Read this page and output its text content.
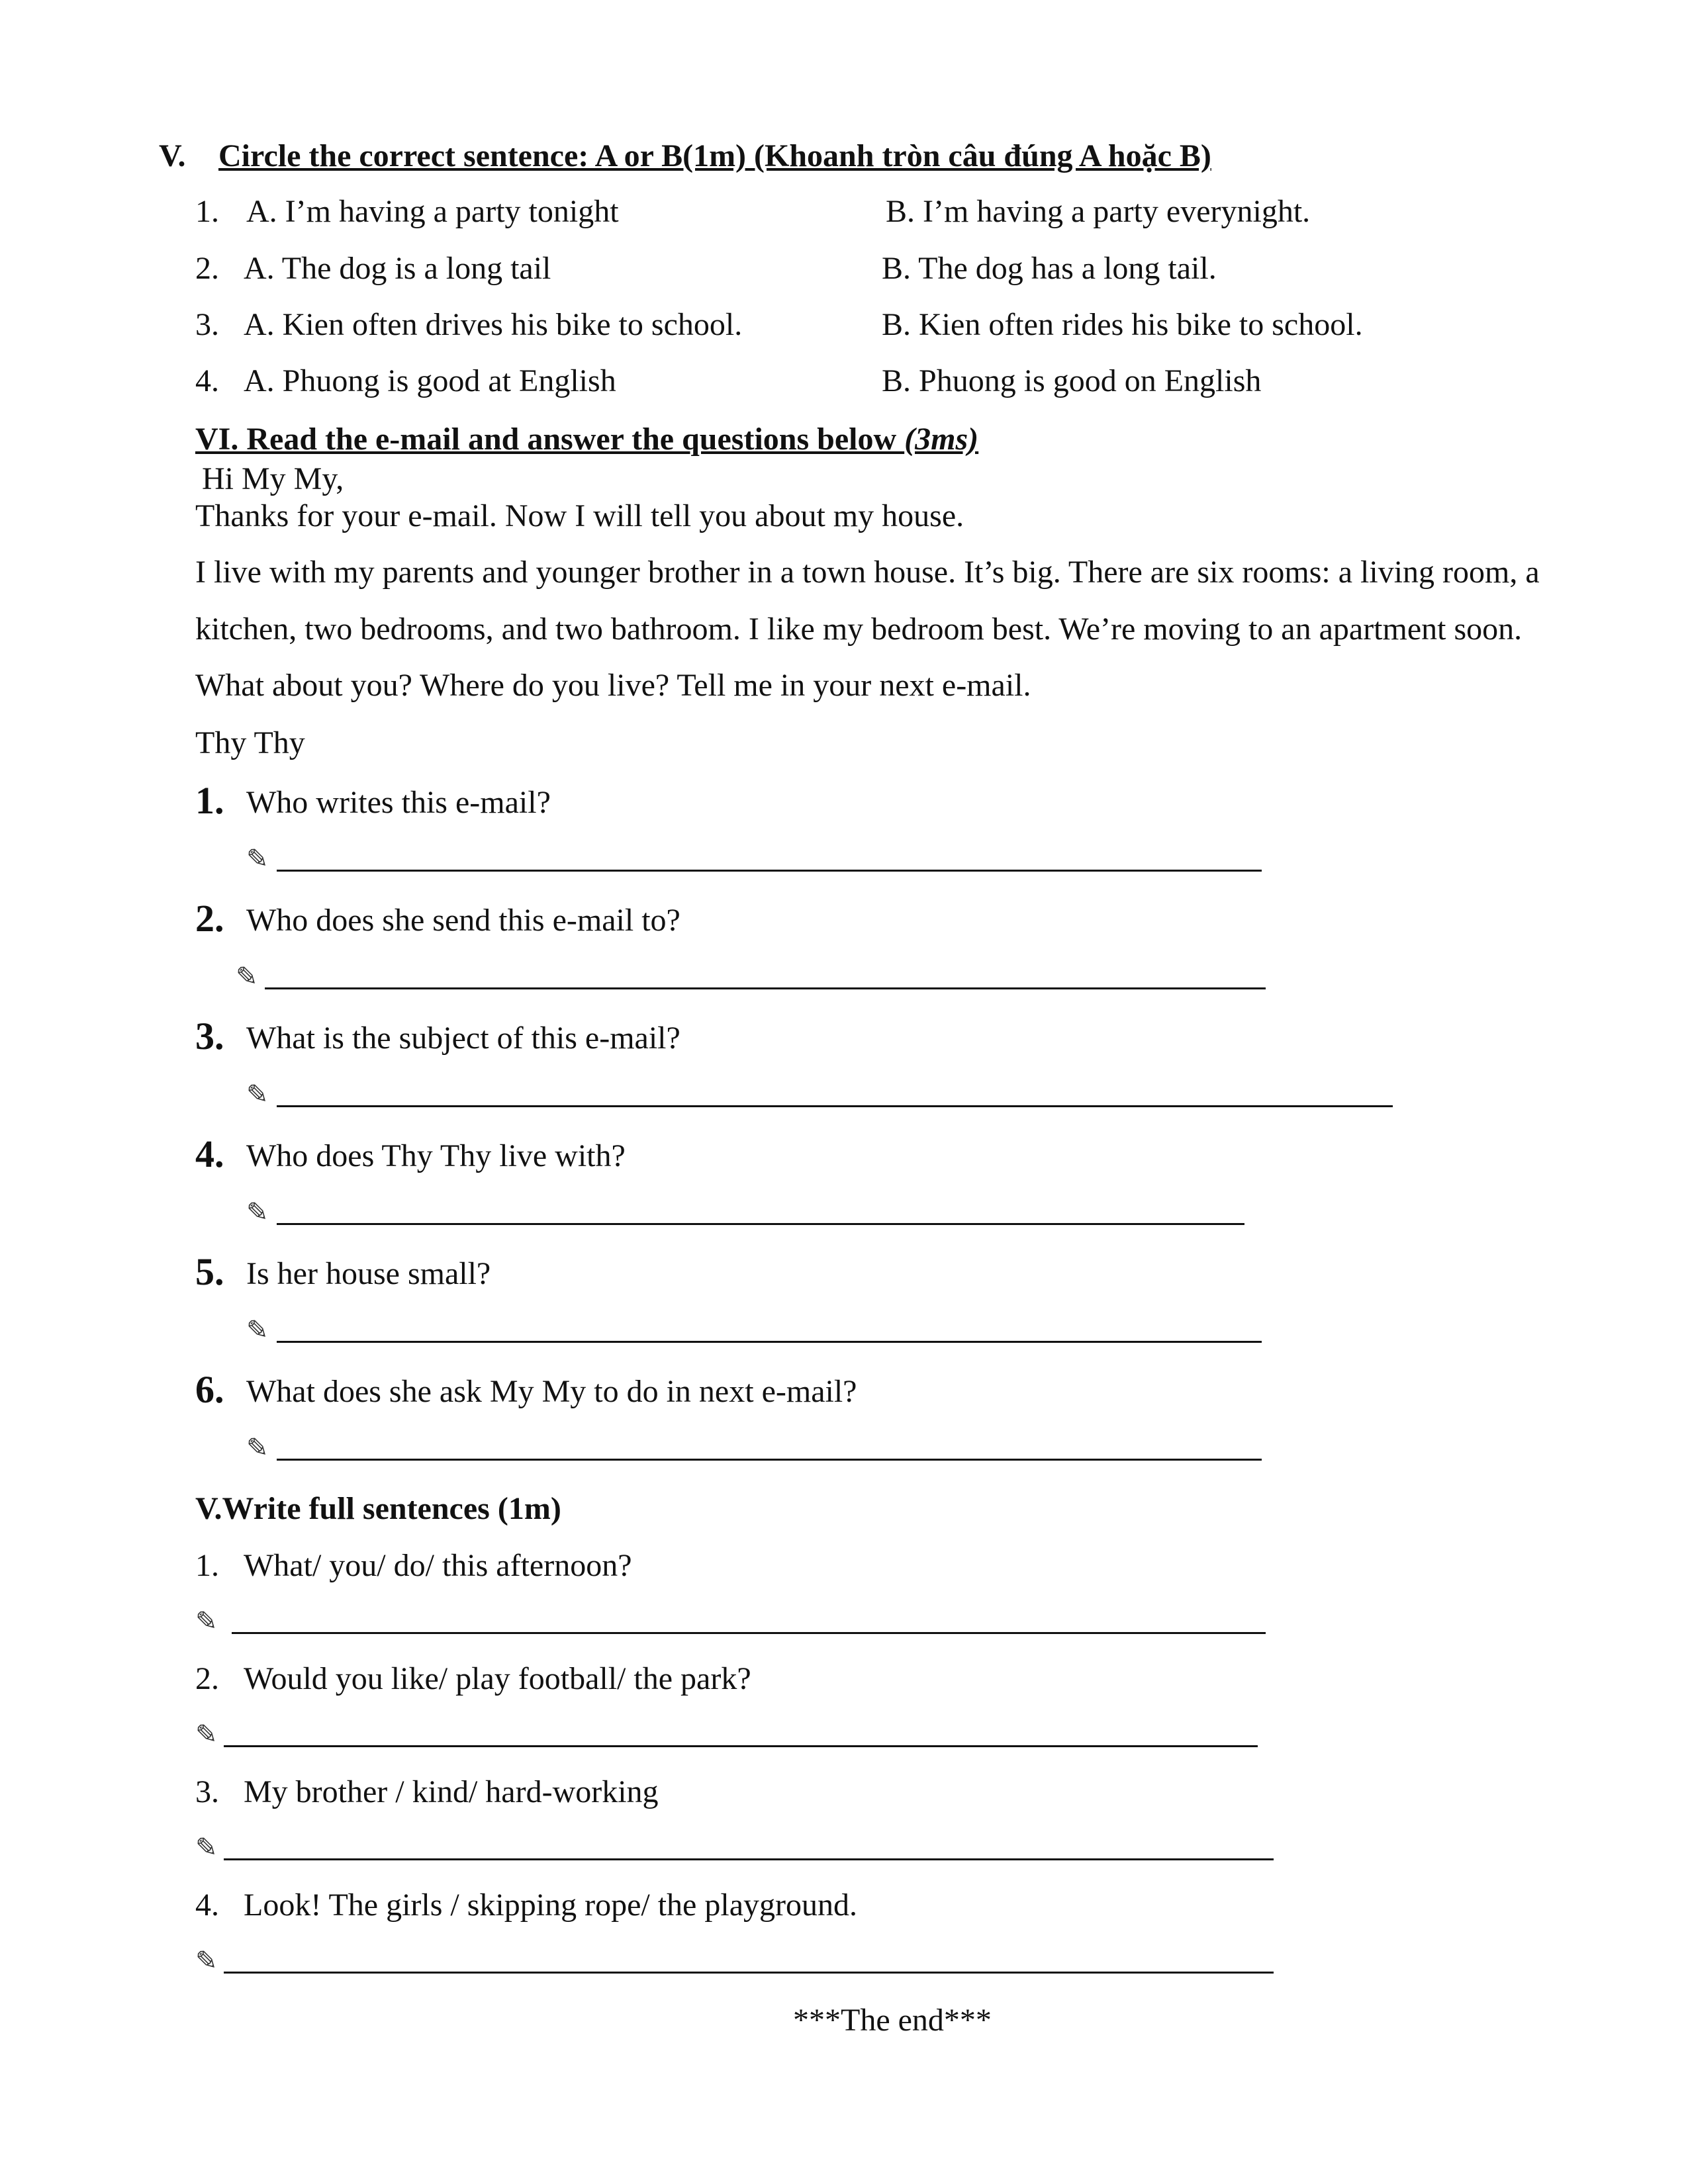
V. Circle the correct sentence: A or B(1m) (Khoanh tròn câu đúng A hoặc B)
1. A. I’m having a party tonight	B. I’m having a party everynight.
2. A. The dog is a long tail	B. The dog has a long tail.
3. A. Kien often drives his bike to school.	B. Kien often rides his bike to school.
4. A. Phuong is good at English	B. Phuong is good on English
VI. Read the e-mail and answer the questions below (3ms)
Hi My My,
Thanks for your e-mail. Now I will tell you about my house.
I live with my parents and younger brother in a town house. It’s big. There are six rooms: a living room, a
kitchen, two bedrooms, and two bathroom. I like my bedroom best. We’re moving to an apartment soon.
What about you? Where do you live? Tell me in your next e-mail.
Thy Thy
1. Who writes this e-mail?
✎
2. Who does she send this e-mail to?
✎
3. What is the subject of this e-mail?
✎
4. Who does Thy Thy live with?
✎
5. Is her house small?
✎
6. What does she ask My My to do in next e-mail?
✎
V.Write full sentences (1m)
1. What/ you/ do/ this afternoon?
✎
2. Would you like/ play football/ the park?
✎
3. My brother / kind/ hard-working
✎
4. Look! The girls / skipping rope/ the playground.
✎
***The end***
